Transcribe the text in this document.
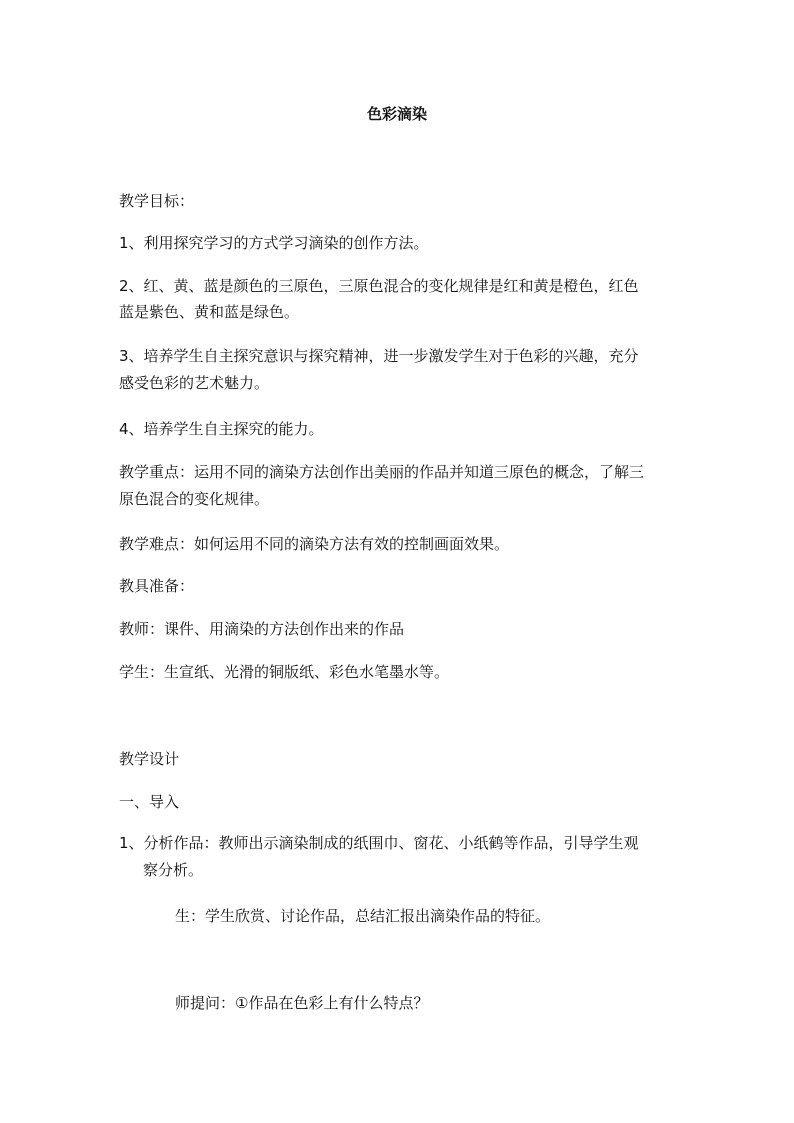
色彩滴染
教学目标：
1、利用探究学习的方式学习滴染的创作方法。
2、红、黄、蓝是颜色的三原色，三原色混合的变化规律是红和黄是橙色，红色
蓝是紫色、黄和蓝是绿色。
3、培养学生自主探究意识与探究精神，进一步激发学生对于色彩的兴趣，充分
感受色彩的艺术魅力。
4、培养学生自主探究的能力。
教学重点：运用不同的滴染方法创作出美丽的作品并知道三原色的概念，了解三
原色混合的变化规律。
教学难点：如何运用不同的滴染方法有效的控制画面效果。
教具准备：
教师：课件、用滴染的方法创作出来的作品
学生：生宣纸、光滑的铜版纸、彩色水笔墨水等。
教学设计
一、导入
1、分析作品：教师出示滴染制成的纸围巾、窗花、小纸鹤等作品，引导学生观
察分析。
生：学生欣赏、讨论作品，总结汇报出滴染作品的特征。
师提问：①作品在色彩上有什么特点？
